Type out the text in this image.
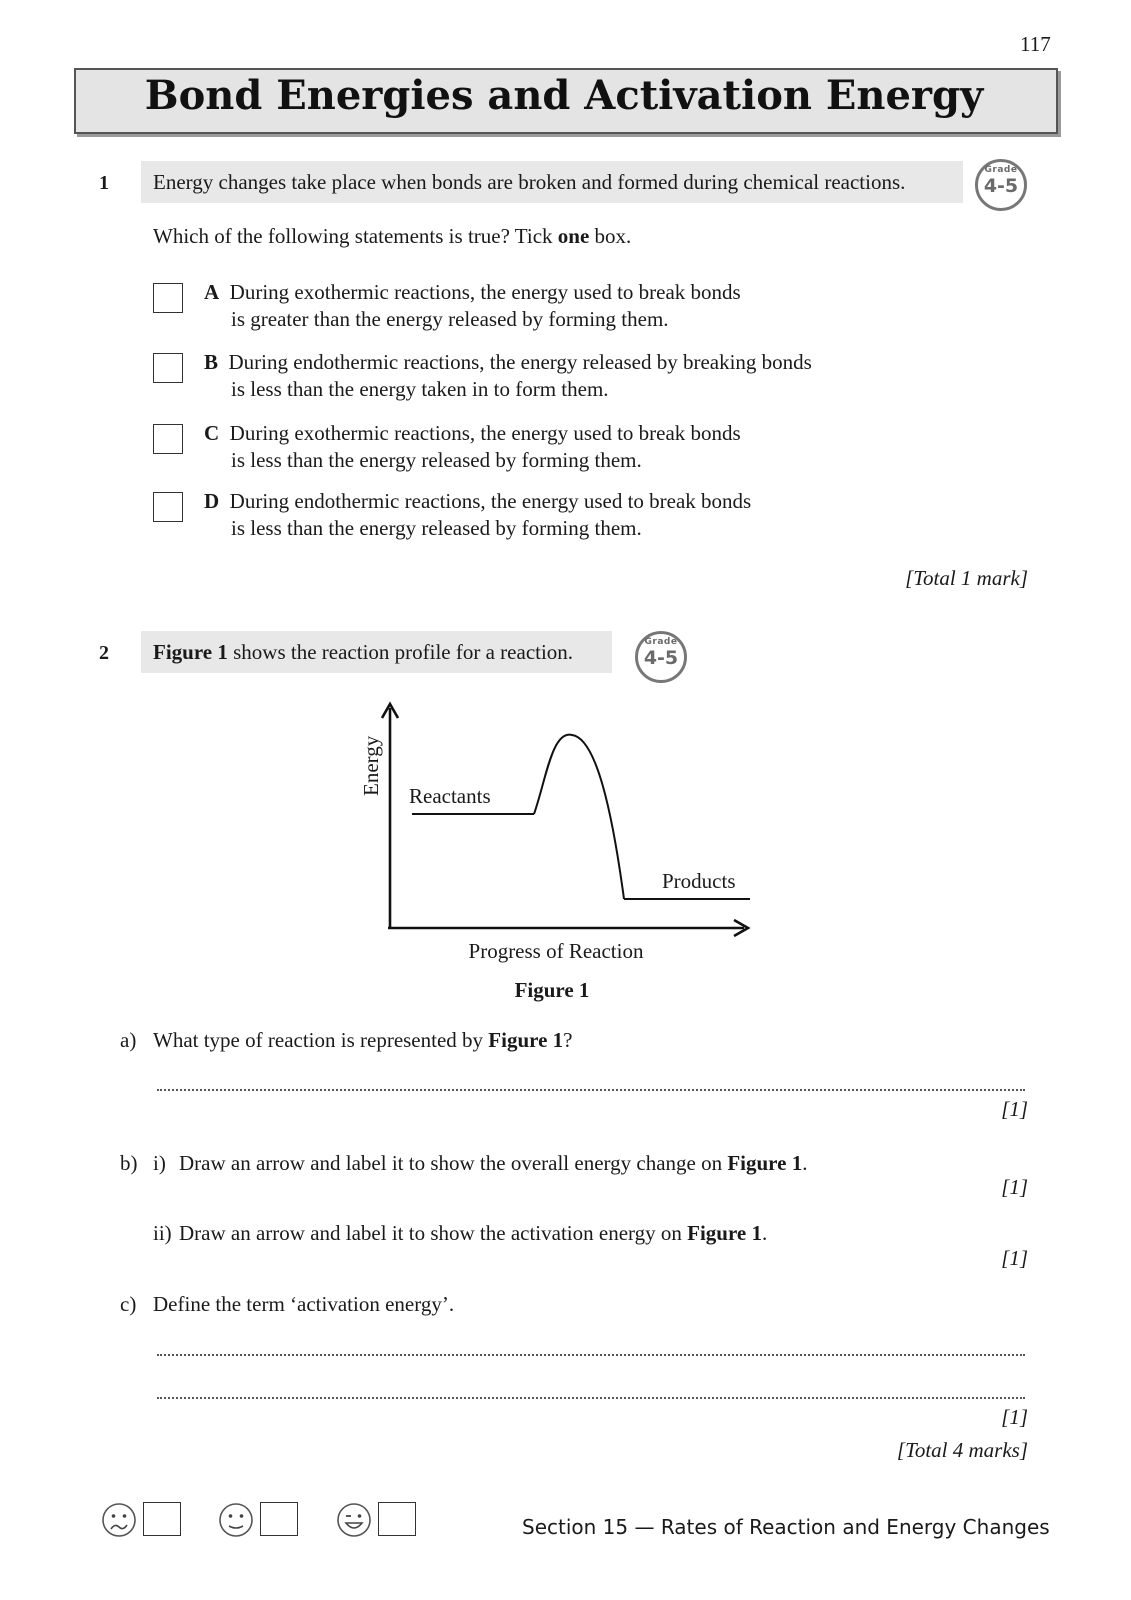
117
Bond Energies and Activation Energy
1 Energy changes take place when bonds are broken and formed during chemical reactions.	Grade
4-5
Which of the following statements is true? Tick one box.
A During exothermic reactions, the energy used to break bonds
is greater than the energy released by forming them.
B During endothermic reactions, the energy released by breaking bonds
is less than the energy taken in to form them.
C During exothermic reactions, the energy used to break bonds
is less than the energy released by forming them.
D During endothermic reactions, the energy used to break bonds
is less than the energy released by forming them.
[Total 1 mark]
2 Figure 1 shows the reaction profile for a reaction.	Grade
4-5
Reactants
Products
Energy
Progress of Reaction
Figure 1
a) What type of reaction is represented by Figure 1?
[1]
b) i) Draw an arrow and label it to show the overall energy change on Figure 1.
[1]
ii) Draw an arrow and label it to show the activation energy on Figure 1.
[1]
c) Define the term ‘activation energy’.
[1]
[Total 4 marks]
Section 15 — Rates of Reaction and Energy Changes
